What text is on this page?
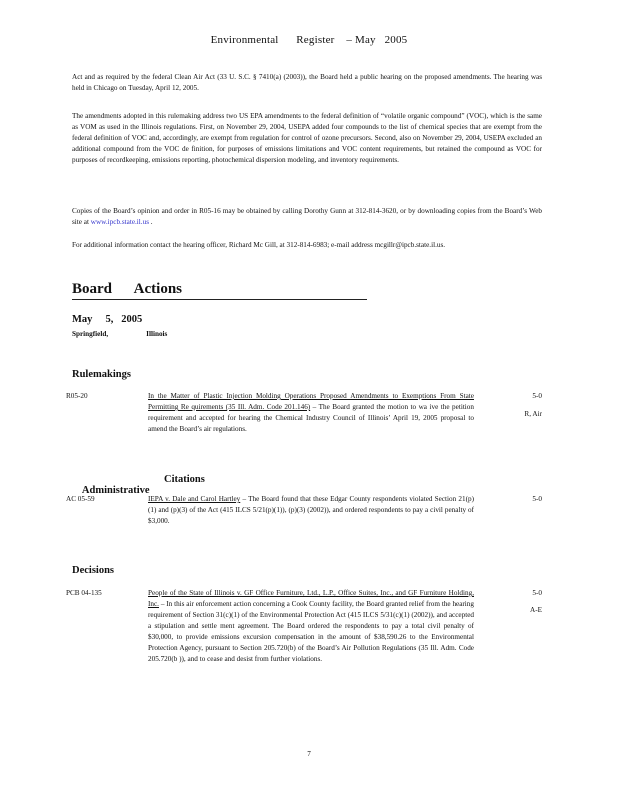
Environmental      Register    – May   2005
Act and as required by the federal Clean Air Act (33 U. S.C. § 7410(a) (2003)), the Board held a public hearing on the proposed amendments. The hearing was held in Chicago on Tuesday, April 12, 2005.
The amendments adopted in this rulemaking address two US EPA amendments to the federal definition of “volatile organic compound” (VOC), which is the same as VOM as used in the Illinois regulations. First, on November 29, 2004, USEPA added four compounds to the list of chemical species that are exempt from the federal definition of VOC and, accordingly, are exempt from regulation for control of ozone precursors. Second, also on November 29, 2004, USEPA excluded an additional compound from the VOC de finition, for purposes of emissions limitations and VOC content requirements, but retained the compound as VOC for purposes of recordkeeping, emissions reporting, photochemical dispersion modeling, and inventory requirements.
Copies of the Board’s opinion and order in R05-16 may be obtained by calling Dorothy Gunn at 312-814-3620, or by downloading copies from the Board’s Web site at www.ipcb.state.il.us .
For additional information contact the hearing officer, Richard Mc Gill, at 312-814-6983; e-mail address mcgillr@ipcb.state.il.us.
Board      Actions
May     5,   2005
Springfield,	Illinois
Rulemakings
R05-20	In the Matter of Plastic Injection Molding Operations Proposed Amendments to Exemptions From State Permitting Re quirements (35 Ill. Adm. Code 201.146) – The Board granted the motion to wa ive the petition requirement and accepted for hearing the Chemical Industry Council of Illinois’ April 19, 2005 proposal to amend the Board’s air regulations.
5-0
R, Air

Administrative

Citations

AC 05-59	IEPA v. Dale and Carol Hartley – The Board found that these Edgar County respondents violated Section 21(p)(1) and (p)(3) of the Act (415 ILCS 5/21(p)(1)), (p)(3) (2002)), and ordered respondents to pay a civil penalty of $3,000.
5-0
Decisions
PCB 04-135	People of the State of Illinois v. GF Office Furniture, Ltd., L.P., Office Suites, Inc., and GF Furniture Holding, Inc. – In this air enforcement action concerning a Cook County facility, the Board granted relief from the hearing requirement of Section 31(c)(1) of the Environmental Protection Act (415 ILCS 5/31(c)(1) (2002)), and accepted a stipulation and settle ment agreement. The Board ordered the respondents to pay a total civil penalty of $30,000, to provide emissions excursion compensation in the amount of $38,590.26 to the Environmental Protection Agency, pursuant to Section 205.720(b) of the Board’s Air Pollution Regulations (35 Ill. Adm. Code 205.720(b )), and to cease and desist from further violations.
5-0
A-E
7
